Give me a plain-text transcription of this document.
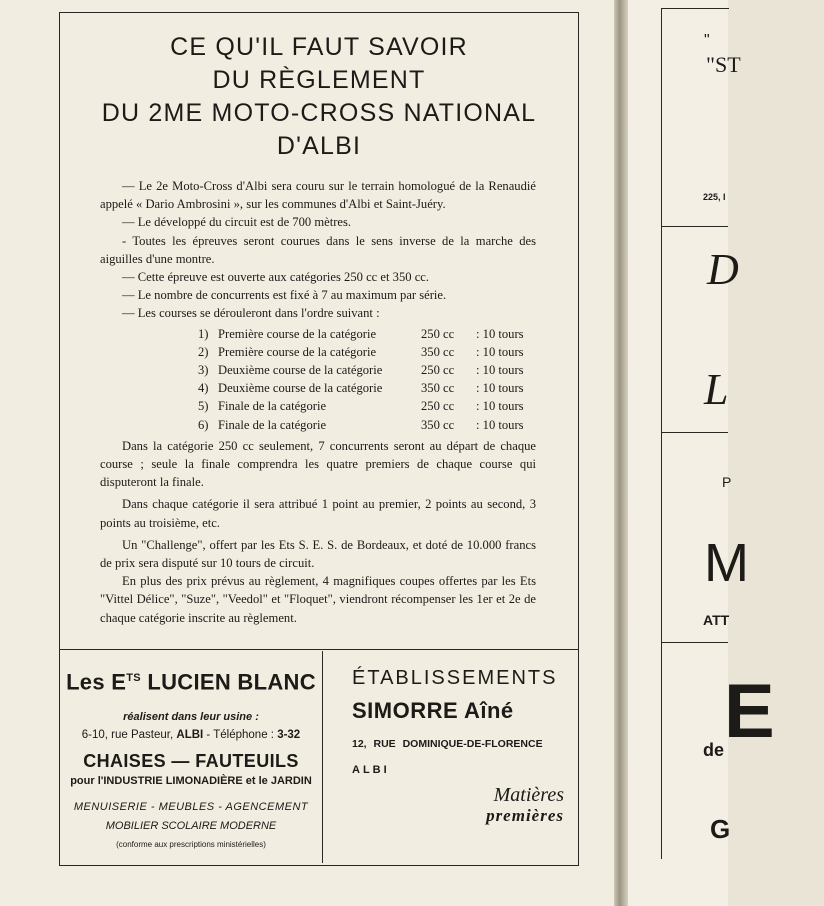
CE QU'IL FAUT SAVOIR
DU RÈGLEMENT
DU 2ME MOTO-CROSS NATIONAL
D'ALBI

— Le 2e Moto-Cross d'Albi sera couru sur le terrain homologué de la Renaudié appelé « Dario Ambrosini », sur les communes d'Albi et Saint-Juéry.

— Le développé du circuit est de 700 mètres.

- Toutes les épreuves seront courues dans le sens inverse de la marche des aiguilles d'une montre.

— Cette épreuve est ouverte aux catégories 250 cc et 350 cc.

— Le nombre de concurrents est fixé à 7 au maximum par série.

— Les courses se dérouleront dans l'ordre suivant :

1) Première course de la catégorie	250 cc	: 10 tours
2) Première course de la catégorie	350 cc	: 10 tours
3) Deuxième course de la catégorie	250 cc	: 10 tours
4) Deuxième course de la catégorie	350 cc	: 10 tours
5) Finale de la catégorie	250 cc	: 10 tours
6) Finale de la catégorie	350 cc	: 10 tours

Dans la catégorie 250 cc seulement, 7 concurrents seront au départ de chaque course ; seule la finale comprendra les quatre premiers de chaque course qui disputeront la finale.

Dans chaque catégorie il sera attribué 1 point au premier, 2 points au second, 3 points au troisième, etc.

Un "Challenge", offert par les Ets S. E. S. de Bordeaux, et doté de 10.000 francs de prix sera disputé sur 10 tours de circuit.

En plus des prix prévus au règlement, 4 magnifiques coupes offertes par les Ets "Vittel Délice", "Suze", "Veedol" et "Floquet", viendront récompenser les 1er et 2e de chaque catégorie inscrite au règlement.

Les $E^{TS}$ LUCIEN BLANC
réalisent dans leur usine :
6-10, rue Pasteur, ALBI - Téléphone : 3-32
CHAISES — FAUTEUILS
pour l'INDUSTRIE LIMONADIÈRE et le JARDIN
MENUISERIE - MEUBLES - AGENCEMENT
MOBILIER SCOLAIRE MODERNE
(conforme aux prescriptions ministérielles)
ÉTABLISSEMENTS
SIMORRE Aîné
12, RUE DOMINIQUE-DE-FLORENCE
ALBI
Matières
premières
"
"ST
225, I
D
L
P
M
ATT
E
de
G
